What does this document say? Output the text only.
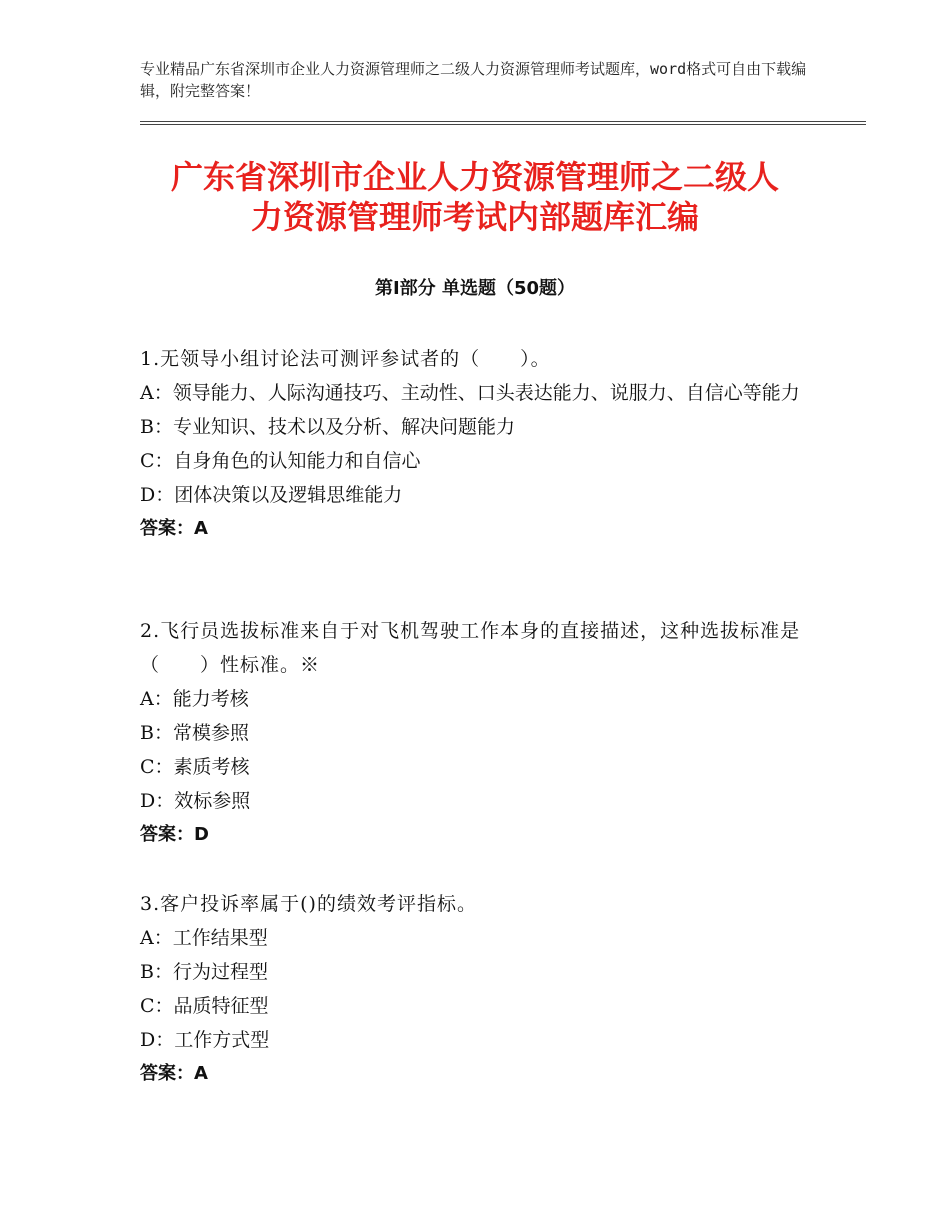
专业精品广东省深圳市企业人力资源管理师之二级人力资源管理师考试题库，word格式可自由下载编辑，附完整答案！
广东省深圳市企业人力资源管理师之二级人
力资源管理师考试内部题库汇编
第Ⅰ部分 单选题（50题）

1.无领导小组讨论法可测评参试者的（　　）。

A：领导能力、人际沟通技巧、主动性、口头表达能力、说服力、自信心等能力

B：专业知识、技术以及分析、解决问题能力

C：自身角色的认知能力和自信心

D：团体决策以及逻辑思维能力

答案：A

2.飞行员选拔标准来自于对飞机驾驶工作本身的直接描述，这种选拔标准是（　　）性标准。※

A：能力考核

B：常模参照

C：素质考核

D：效标参照

答案：D

3.客户投诉率属于()的绩效考评指标。

A：工作结果型

B：行为过程型

C：品质特征型

D：工作方式型

答案：A
